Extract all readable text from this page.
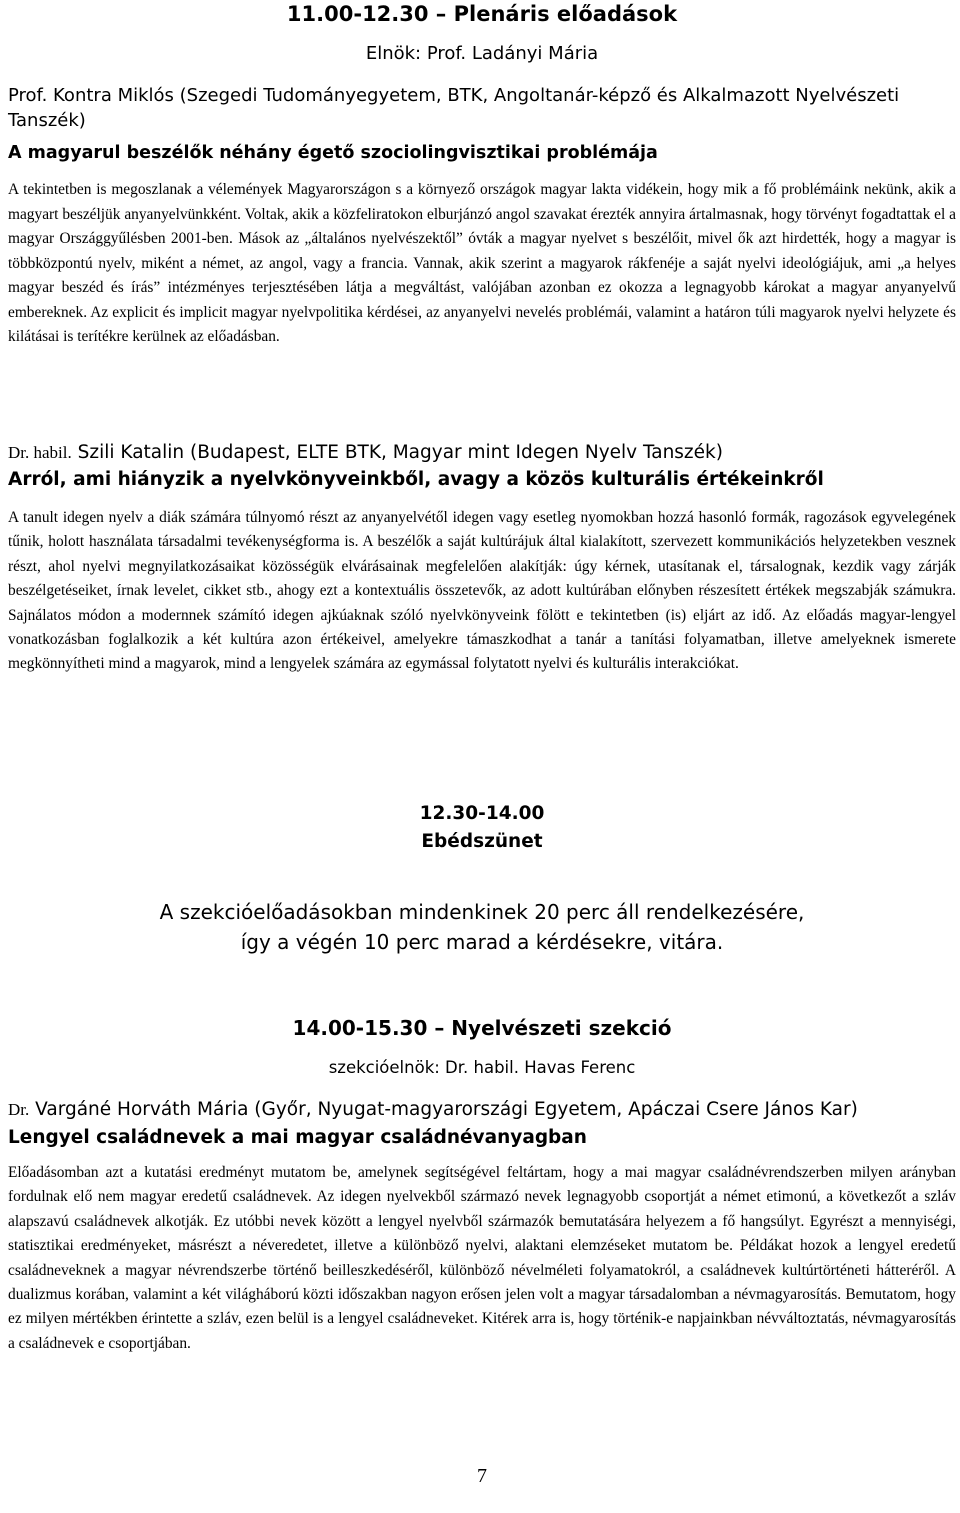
11.00-12.30 – Plenáris előadások
Elnök: Prof. Ladányi Mária
Prof. Kontra Miklós (Szegedi Tudományegyetem, BTK, Angoltanár-képző és Alkalmazott Nyelvészeti Tanszék)
A magyarul beszélők néhány égető szociolingvisztikai problémája

A tekintetben is megoszlanak a vélemények Magyarországon s a környező országok magyar lakta vidékein, hogy mik a fő problémáink nekünk, akik a magyart beszéljük anyanyelvünkként. Voltak, akik a közfeliratokon elburjánzó angol szavakat érezték annyira ártalmasnak, hogy törvényt fogadtattak el a magyar Országgyűlésben 2001-ben. Mások az „általános nyelvészektől” óvták a magyar nyelvet s beszélőit, mivel ők azt hirdették, hogy a magyar is többközpontú nyelv, miként a német, az angol, vagy a francia. Vannak, akik szerint a magyarok rákfenéje a saját nyelvi ideológiájuk, ami „a helyes magyar beszéd és írás” intézményes terjesztésében látja a megváltást, valójában azonban ez okozza a legnagyobb károkat a magyar anyanyelvű embereknek. Az explicit és implicit magyar nyelvpolitika kérdései, az anyanyelvi nevelés problémái, valamint a határon túli magyarok nyelvi helyzete és kilátásai is terítékre kerülnek az előadásban.

Dr. habil. Szili Katalin (Budapest, ELTE BTK, Magyar mint Idegen Nyelv Tanszék)
Arról, ami hiányzik a nyelvkönyveinkből, avagy a közös kulturális értékeinkről

A tanult idegen nyelv a diák számára túlnyomó részt az anyanyelvétől idegen vagy esetleg nyomokban hozzá hasonló formák, ragozások egyvelegének tűnik, holott használata társadalmi tevékenységforma is. A beszélők a saját kultúrájuk által kialakított, szervezett kommunikációs helyzetekben vesznek részt, ahol nyelvi megnyilatkozásaikat közösségük elvárásainak megfelelően alakítják: úgy kérnek, utasítanak el, társalognak, kezdik vagy zárják beszélgetéseiket, írnak levelet, cikket stb., ahogy ezt a kontextuális összetevők, az adott kultúrában előnyben részesített értékek megszabják számukra. Sajnálatos módon a modernnek számító idegen ajkúaknak szóló nyelvkönyveink fölött e tekintetben (is) eljárt az idő. Az előadás magyar-lengyel vonatkozásban foglalkozik a két kultúra azon értékeivel, amelyekre támaszkodhat a tanár a tanítási folyamatban, illetve amelyeknek ismerete megkönnyítheti mind a magyarok, mind a lengyelek számára az egymással folytatott nyelvi és kulturális interakciókat.

12.30-14.00
Ebédszünet
A szekcióelőadásokban mindenkinek 20 perc áll rendelkezésére,
így a végén 10 perc marad a kérdésekre, vitára.
14.00-15.30 – Nyelvészeti szekció
szekcióelnök: Dr. habil. Havas Ferenc
Dr. Vargáné Horváth Mária (Győr, Nyugat-magyarországi Egyetem, Apáczai Csere János Kar)
Lengyel családnevek a mai magyar családnévanyagban

Előadásomban azt a kutatási eredményt mutatom be, amelynek segítségével feltártam, hogy a mai magyar családnévrendszerben milyen arányban fordulnak elő nem magyar eredetű családnevek. Az idegen nyelvekből származó nevek legnagyobb csoportját a német etimonú, a következőt a szláv alapszavú családnevek alkotják. Ez utóbbi nevek között a lengyel nyelvből származók bemutatására helyezem a fő hangsúlyt. Egyrészt a mennyiségi, statisztikai eredményeket, másrészt a néveredetet, illetve a különböző nyelvi, alaktani elemzéseket mutatom be. Példákat hozok a lengyel eredetű családneveknek a magyar névrendszerbe történő beilleszkedéséről, különböző névelméleti folyamatokról, a családnevek kultúrtörténeti hátteréről. A dualizmus korában, valamint a két világháború közti időszakban nagyon erősen jelen volt a magyar társadalomban a névmagyarosítás. Bemutatom, hogy ez milyen mértékben érintette a szláv, ezen belül is a lengyel családneveket. Kitérek arra is, hogy történik-e napjainkban névváltoztatás, névmagyarosítás a családnevek e csoportjában.

7
